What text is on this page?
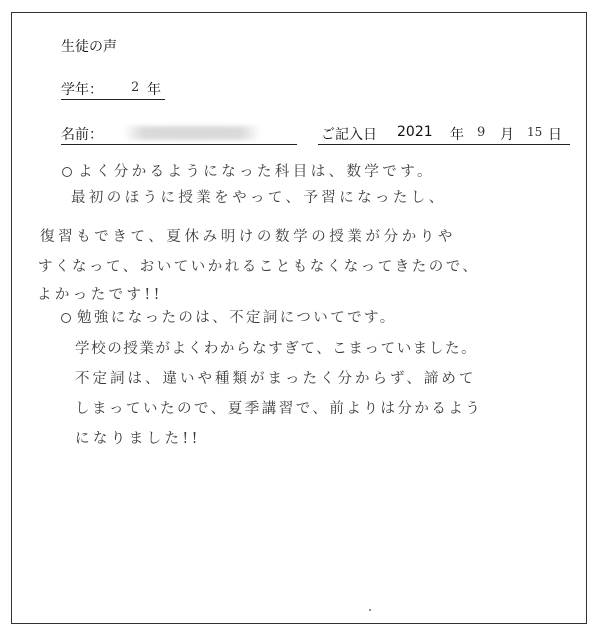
生徒の声
学年： 2 年
名前：	ご記入日 2021 年 9 月 15 日
よく分かるようになった科目は、数学です。
最初のほうに授業をやって、予習になったし、
復習もできて、夏休み明けの数学の授業が分かりや
すくなって、おいていかれることもなくなってきたので、
よかったです!!
勉強になったのは、不定詞についてです。
学校の授業がよくわからなすぎて、こまっていました。
不定詞は、違いや種類がまったく分からず、諦めて
しまっていたので、夏季講習で、前よりは分かるよう
になりました!!
